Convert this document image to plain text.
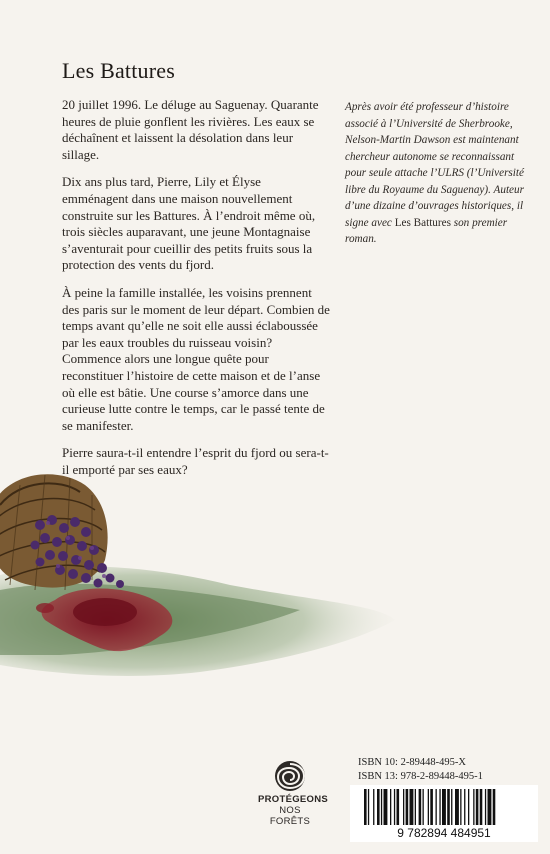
Les Battures

20 juillet 1996. Le déluge au Saguenay. Quarante heures de pluie gonflent les rivières. Les eaux se déchaînent et laissent la désolation dans leur sillage.

Dix ans plus tard, Pierre, Lily et Élyse emménagent dans une maison nouvellement construite sur les Battures. À l’endroit même où, trois siècles auparavant, une jeune Montagnaise s’aventurait pour cueillir des petits fruits sous la protection des vents du fjord.

À peine la famille installée, les voisins prennent des paris sur le moment de leur départ. Combien de temps avant qu’elle ne soit elle aussi éclaboussée par les eaux troubles du ruisseau voisin? Commence alors une longue quête pour reconstituer l’histoire de cette maison et de l’anse où elle est bâtie. Une course s’amorce dans une curieuse lutte contre le temps, car le passé tente de se manifester.

Pierre saura-t-il entendre l’esprit du fjord ou sera-t-il emporté par ses eaux?

Après avoir été professeur d’histoire associé à l’Université de Sherbrooke, Nelson-Martin Dawson est maintenant chercheur autonome se reconnaissant pour seule attache l’ULRS (l’Université libre du Royaume du Saguenay). Auteur d’une dizaine d’ouvrages historiques, il signe avec Les Battures son premier roman.
PROTÉGEONS
NOS FORÊTS
ISBN 10: 2-89448-495-X
ISBN 13: 978-2-89448-495-1
9 782894 484951
